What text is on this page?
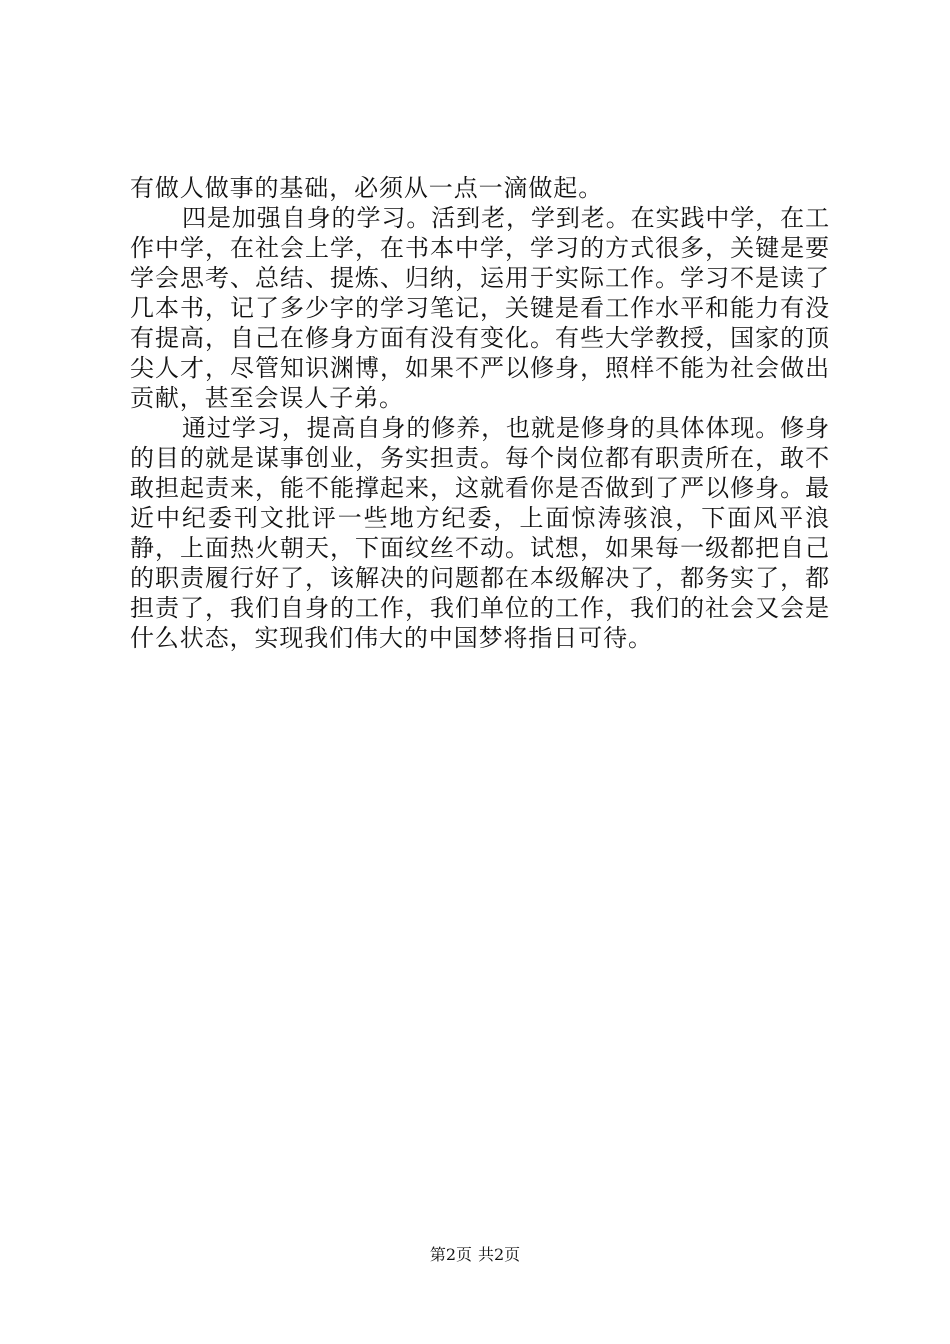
有做人做事的基础，必须从一点一滴做起。

四是加强自身的学习。活到老，学到老。在实践中学，在工作中学，在社会上学，在书本中学，学习的方式很多，关键是要学会思考、总结、提炼、归纳，运用于实际工作。学习不是读了几本书，记了多少字的学习笔记，关键是看工作水平和能力有没有提高，自己在修身方面有没有变化。有些大学教授，国家的顶尖人才，尽管知识渊博，如果不严以修身，照样不能为社会做出贡献，甚至会误人子弟。

通过学习，提高自身的修养，也就是修身的具体体现。修身的目的就是谋事创业，务实担责。每个岗位都有职责所在，敢不敢担起责来，能不能撑起来，这就看你是否做到了严以修身。最近中纪委刊文批评一些地方纪委，上面惊涛骇浪，下面风平浪静，上面热火朝天，下面纹丝不动。试想，如果每一级都把自己的职责履行好了，该解决的问题都在本级解决了，都务实了，都担责了，我们自身的工作，我们单位的工作，我们的社会又会是什么状态，实现我们伟大的中国梦将指日可待。

第2页 共2页
